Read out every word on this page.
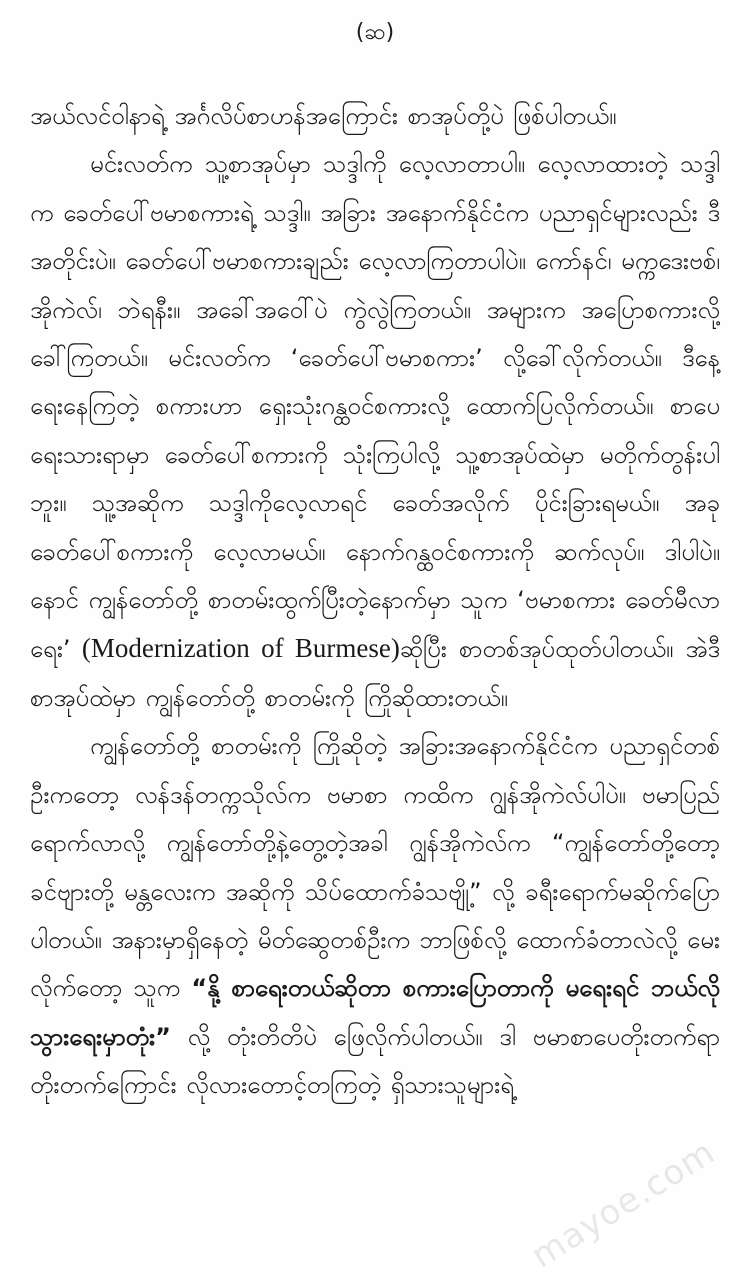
(ဆ)

အယ်လင်ဝါနာရဲ့ အင်္ဂလိပ်စာဟန်အကြောင်း စာအုပ်တို့ပဲ ဖြစ်ပါတယ်။

မင်းလတ်က သူ့စာအုပ်မှာ သဒ္ဒါကို လေ့လာတာပါ။ လေ့လာထားတဲ့ သဒ္ဒါက ခေတ်ပေါ်ဗမာစကားရဲ့ သဒ္ဒါ။ အခြား အနောက်နိုင်ငံက ပညာရှင်များလည်း ဒီအတိုင်းပဲ။ ခေတ်ပေါ်ဗမာစကားချည်း လေ့လာကြတာပါပဲ။ ကော်နင်၊ မက္ကဒေးဗစ်၊ အိုကဲလ်၊ ဘဲရနီး။ အခေါ်အဝေါ်ပဲ ကွဲလွဲကြတယ်။ အများက အပြောစကားလို့ ခေါ်ကြတယ်။ မင်းလတ်က ‘ခေတ်ပေါ်ဗမာစကား’ လို့ခေါ်လိုက်တယ်။ ဒီနေ့ ရေးနေကြတဲ့ စကားဟာ ရှေးသုံးဂန္ထဝင်စကားလို့ ထောက်ပြလိုက်တယ်။ စာပေရေးသားရာမှာ ခေတ်ပေါ်စကားကို သုံးကြပါလို့ သူ့စာအုပ်ထဲမှာ မတိုက်တွန်းပါဘူး။ သူ့အဆိုက သဒ္ဒါကိုလေ့လာရင် ခေတ်အလိုက် ပိုင်းခြားရမယ်။ အခု ခေတ်ပေါ်စကားကို လေ့လာမယ်။ နောက်ဂန္ထဝင်စကားကို ဆက်လုပ်။ ဒါပါပဲ။ နောင် ကျွန်တော်တို့ စာတမ်းထွက်ပြီးတဲ့နောက်မှာ သူက ‘ဗမာစကား ခေတ်မီလာရေး’ (Modernization of Burmese)ဆိုပြီး စာတစ်အုပ်ထုတ်ပါတယ်။ အဲဒီစာအုပ်ထဲမှာ ကျွန်တော်တို့ စာတမ်းကို ကြိုဆိုထားတယ်။

ကျွန်တော်တို့ စာတမ်းကို ကြိုဆိုတဲ့ အခြားအနောက်နိုင်ငံက ပညာရှင်တစ်ဦးကတော့ လန်ဒန်တက္ကသိုလ်က ဗမာစာ ကထိက ဂျွန်အိုကဲလ်ပါပဲ။ ဗမာပြည်ရောက်လာလို့ ကျွန်တော်တို့နဲ့တွေ့တဲ့အခါ ဂျွန်အိုကဲလ်က “ကျွန်တော်တို့တော့ ခင်ဗျားတို့ မန္တလေးက အဆိုကို သိပ်ထောက်ခံသဗျို့” လို့ ခရီးရောက်မဆိုက်ပြောပါတယ်။ အနားမှာရှိနေတဲ့ မိတ်ဆွေတစ်ဦးက ဘာဖြစ်လို့ ထောက်ခံတာလဲလို့ မေးလိုက်တော့ သူက “နို့ စာရေးတယ်ဆိုတာ စကားပြောတာကို မရေးရင် ဘယ်လိုသွားရေးမှာတုံး” လို့ တုံးတိတိပဲ ဖြေလိုက်ပါတယ်။ ဒါ ဗမာစာပေတိုးတက်ရာ တိုးတက်ကြောင်း လိုလားတောင့်တကြတဲ့ ရှိသားသူများရဲ့

mayoe.com
